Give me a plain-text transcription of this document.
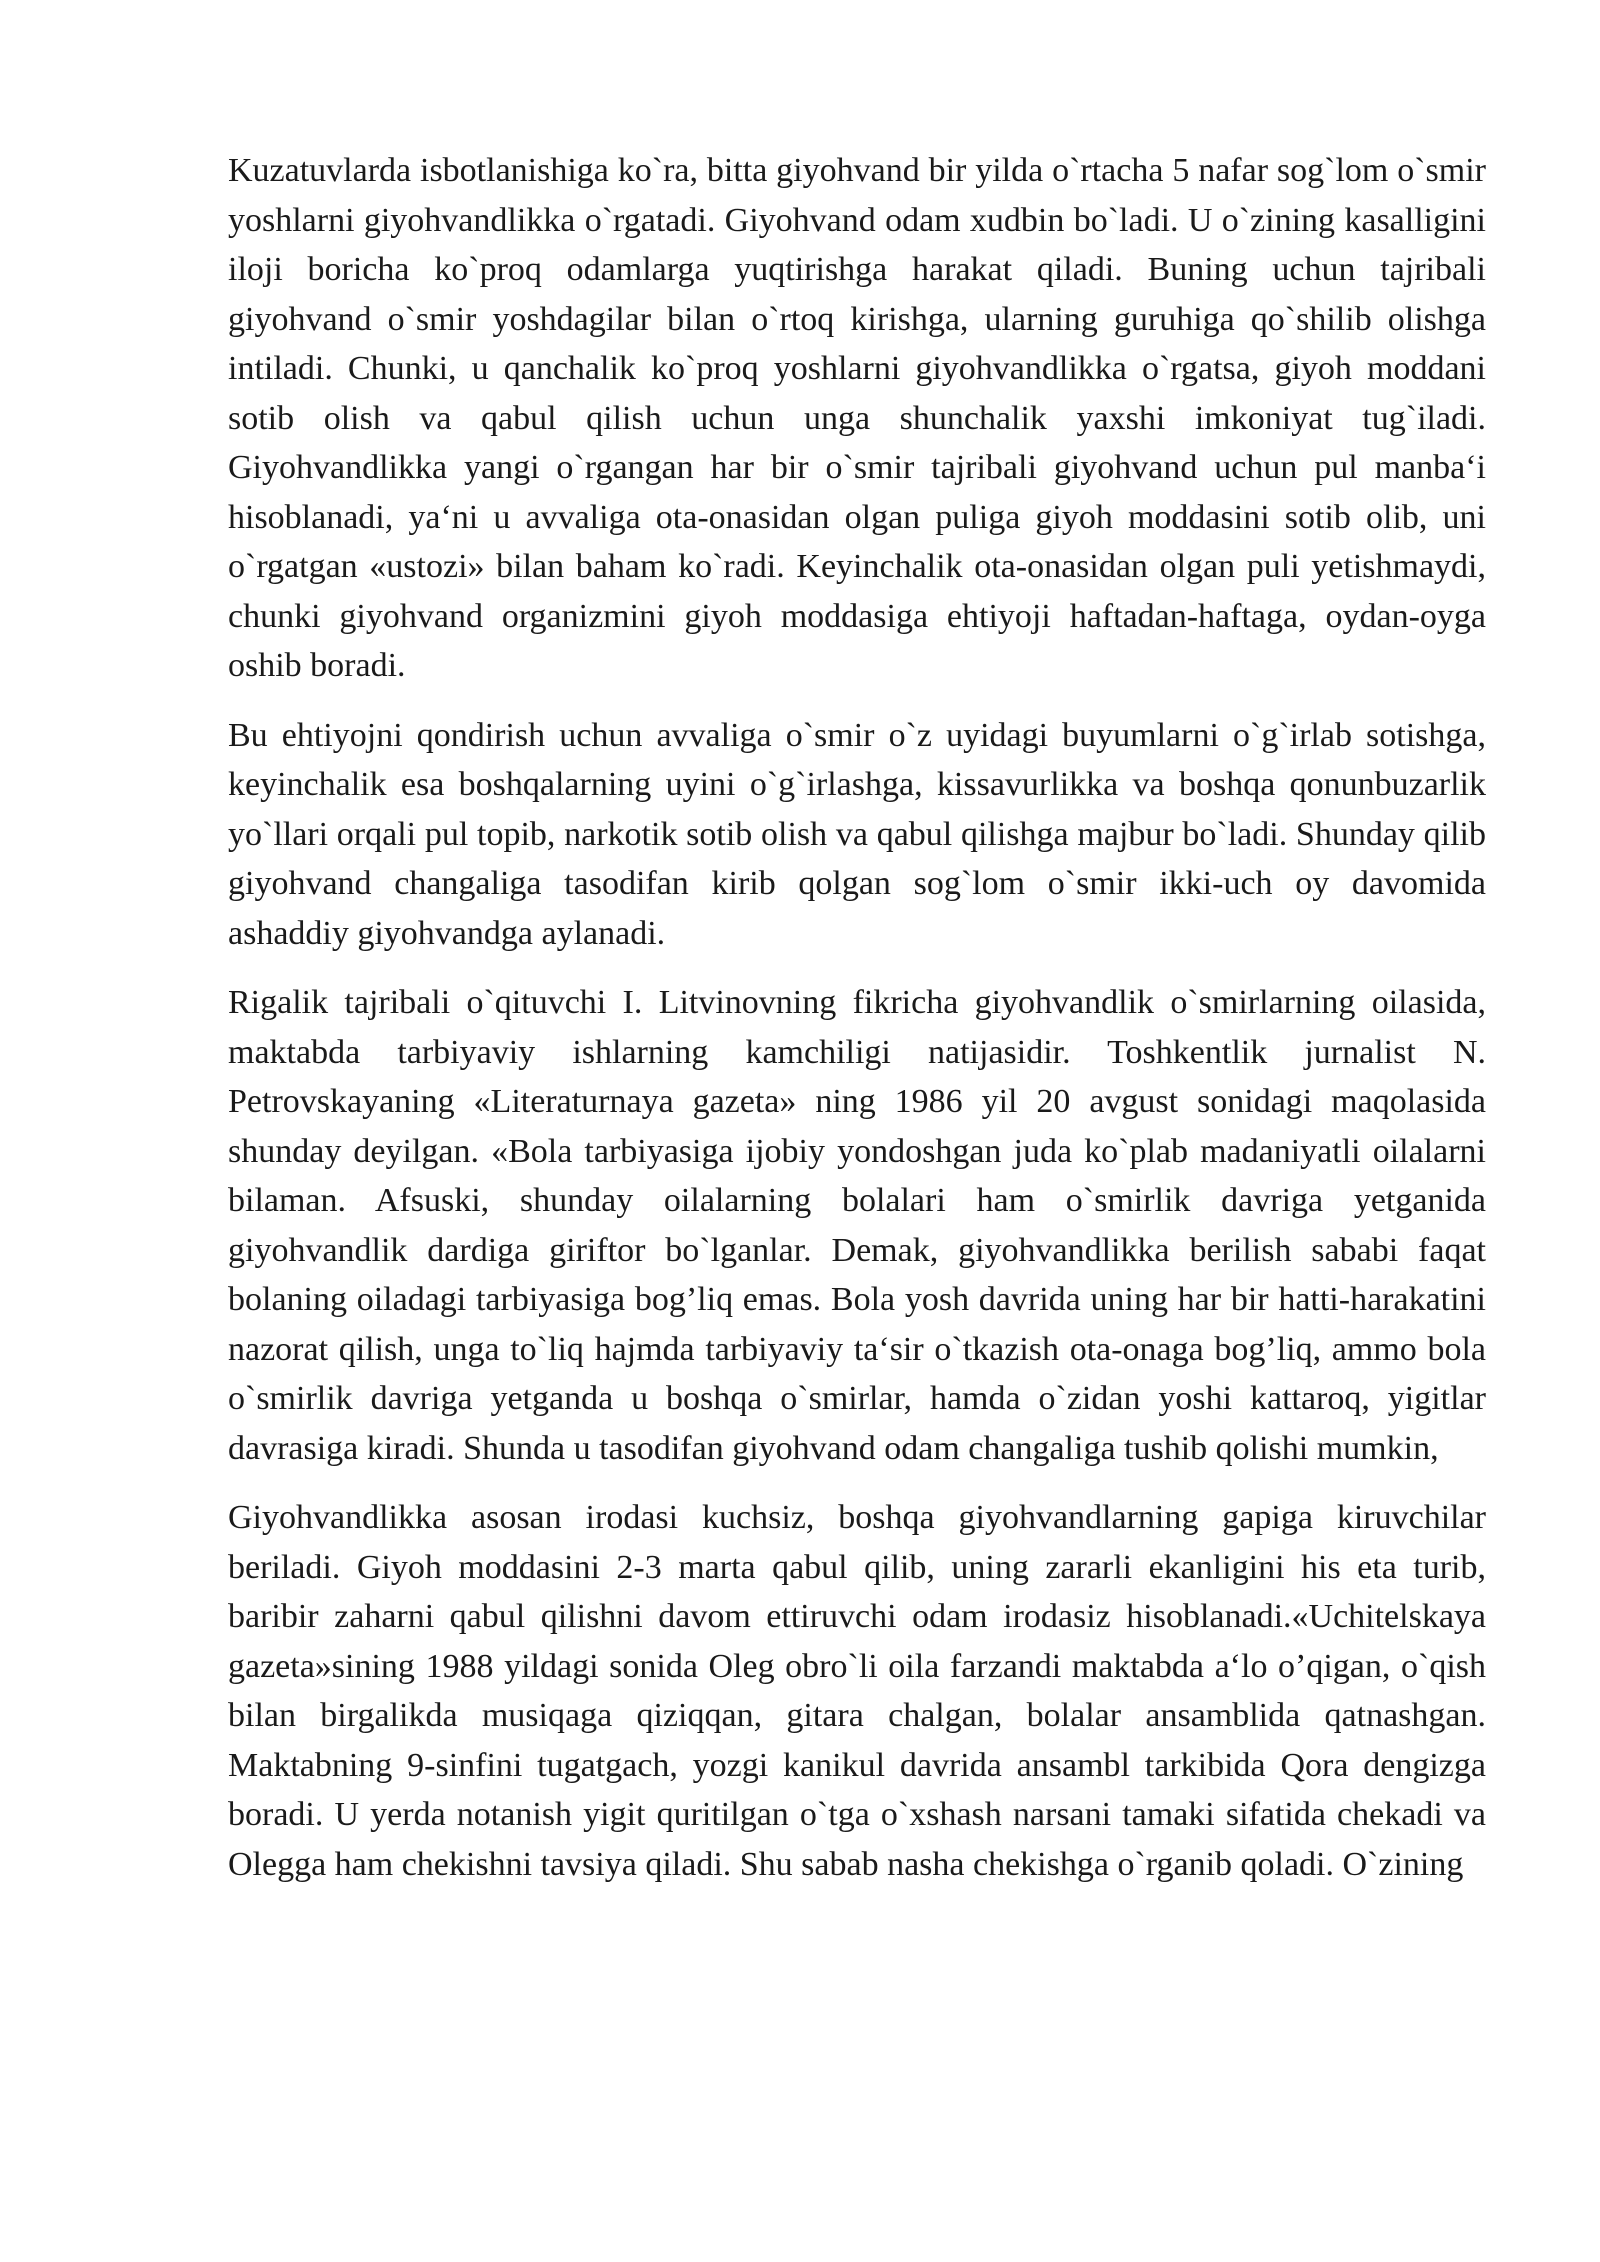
Kuzatuvlarda isbotlanishiga ko`ra, bitta giyohvand bir yilda o`rtacha 5 nafar sog`lom o`smir yoshlarni giyohvandlikka o`rgatadi. Giyohvand odam xudbin bo`ladi. U o`zining kasalligini iloji boricha ko`proq odamlarga yuqtirishga harakat qiladi. Buning uchun tajribali giyohvand o`smir yoshdagilar bilan o`rtoq kirishga, ularning guruhiga qo`shilib olishga intiladi. Chunki, u qanchalik ko`proq yoshlarni giyohvandlikka o`rgatsa, giyoh moddani sotib olish va qabul qilish uchun unga shunchalik yaxshi imkoniyat tug`iladi. Giyohvandlikka yangi o`rgangan har bir o`smir tajribali giyohvand uchun pul manba‘i hisoblanadi, ya‘ni u avvaliga ota-onasidan olgan puliga giyoh moddasini sotib olib, uni o`rgatgan «ustozi» bilan baham ko`radi. Keyinchalik ota-onasidan olgan puli yetishmaydi, chunki giyohvand organizmini giyoh moddasiga ehtiyoji haftadan-haftaga, oydan-oyga oshib boradi.

Bu ehtiyojni qondirish uchun avvaliga o`smir o`z uyidagi buyumlarni o`g`irlab sotishga, keyinchalik esa boshqalarning uyini o`g`irlashga, kissavurlikka va boshqa qonunbuzarlik yo`llari orqali pul topib, narkotik sotib olish va qabul qilishga majbur bo`ladi. Shunday qilib giyohvand changaliga tasodifan kirib qolgan sog`lom o`smir ikki-uch oy davomida ashaddiy giyohvandga aylanadi.

Rigalik tajribali o`qituvchi I. Litvinovning fikricha giyohvandlik o`smirlarning oilasida, maktabda tarbiyaviy ishlarning kamchiligi natijasidir. Toshkentlik jurnalist N. Petrovskayaning «Literaturnaya gazeta» ning 1986 yil 20 avgust sonidagi maqolasida shunday deyilgan. «Bola tarbiyasiga ijobiy yondoshgan juda ko`plab madaniyatli oilalarni bilaman. Afsuski, shunday oilalarning bolalari ham o`smirlik davriga yetganida giyohvandlik dardiga giriftor bo`lganlar. Demak, giyohvandlikka berilish sababi faqat bolaning oiladagi tarbiyasiga bog’liq emas. Bola yosh davrida uning har bir hatti-harakatini nazorat qilish, unga to`liq hajmda tarbiyaviy ta‘sir o`tkazish ota-onaga bog’liq, ammo bola o`smirlik davriga yetganda u boshqa o`smirlar, hamda o`zidan yoshi kattaroq, yigitlar davrasiga kiradi. Shunda u tasodifan giyohvand odam changaliga tushib qolishi mumkin,

Giyohvandlikka asosan irodasi kuchsiz, boshqa giyohvandlarning gapiga kiruvchilar beriladi. Giyoh moddasini 2-3 marta qabul qilib, uning zararli ekanligini his eta turib, baribir zaharni qabul qilishni davom ettiruvchi odam irodasiz hisoblanadi.«Uchitelskaya gazeta»sining 1988 yildagi sonida Oleg obro`li oila farzandi maktabda a‘lo o’qigan, o`qish bilan birgalikda musiqaga qiziqqan, gitara chalgan, bolalar ansamblida qatnashgan. Maktabning 9-sinfini tugatgach, yozgi kanikul davrida ansambl tarkibida Qora dengizga boradi. U yerda notanish yigit quritilgan o`tga o`xshash narsani tamaki sifatida chekadi va Olegga ham chekishni tavsiya qiladi. Shu sabab nasha chekishga o`rganib qoladi. O`zining
